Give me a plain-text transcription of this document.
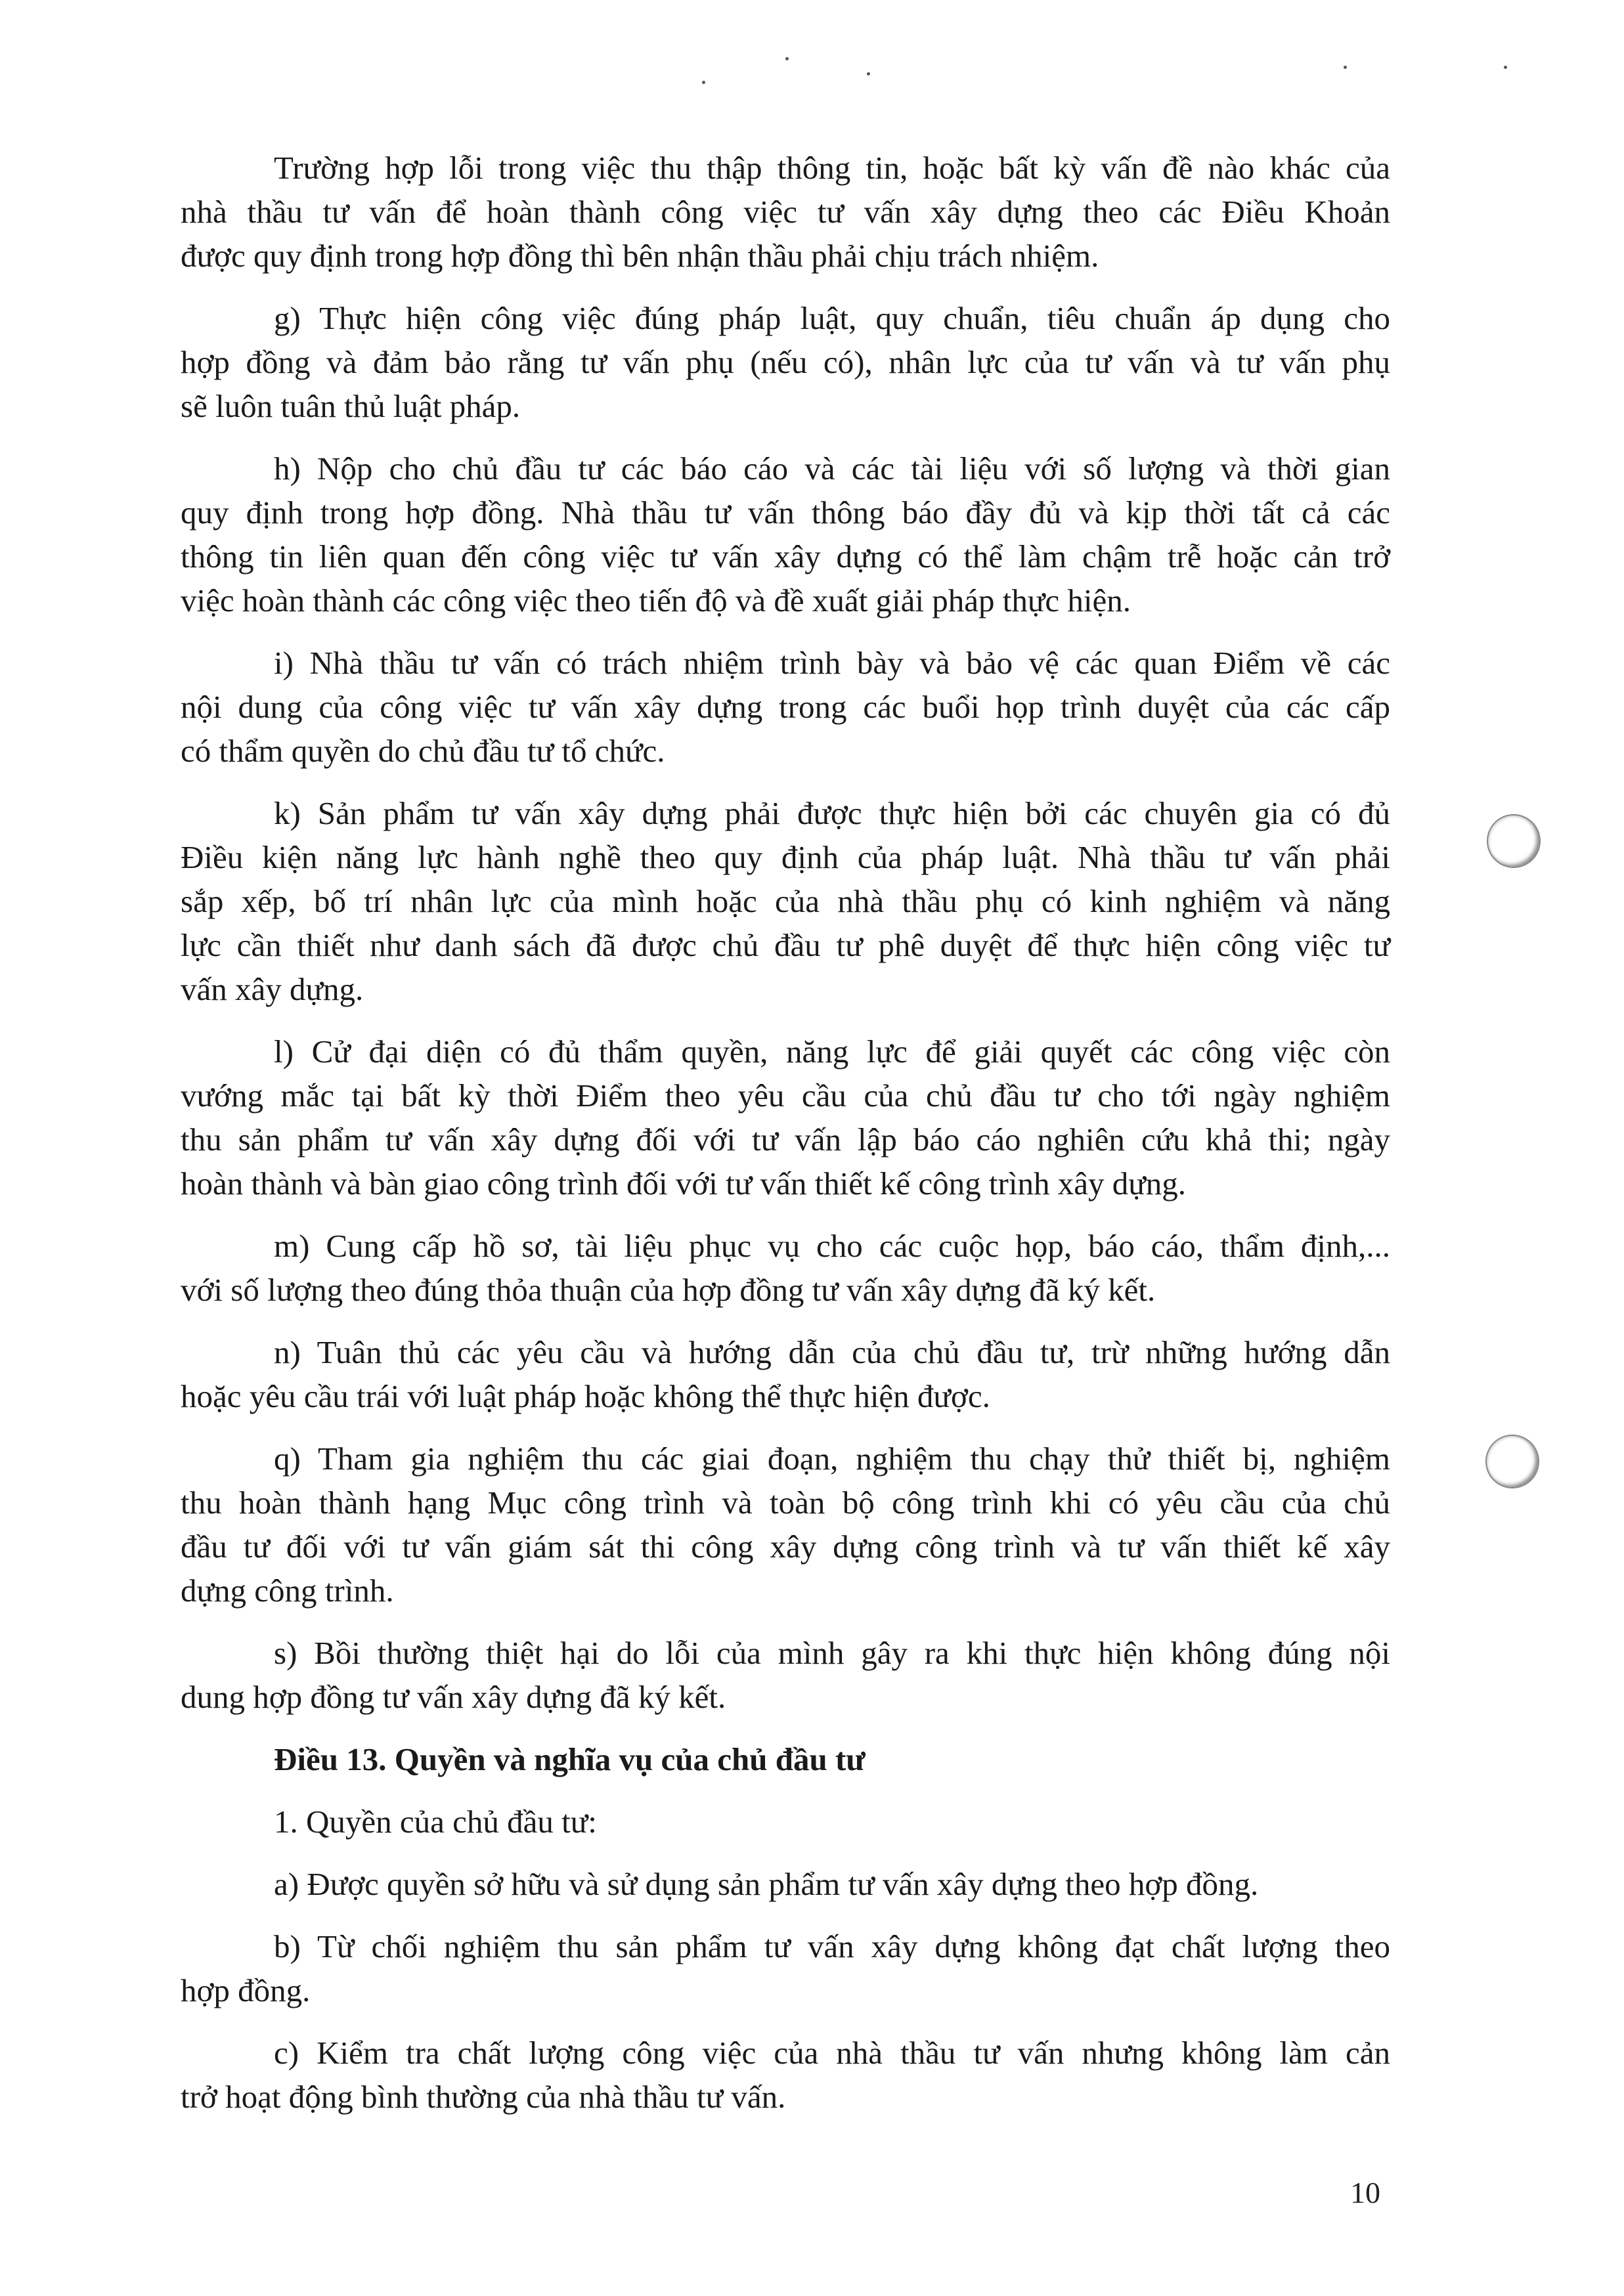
Trường hợp lỗi trong việc thu thập thông tin, hoặc bất kỳ vấn đề nào khác của
nhà thầu tư vấn để hoàn thành công việc tư vấn xây dựng theo các Điều Khoản
được quy định trong hợp đồng thì bên nhận thầu phải chịu trách nhiệm.
g) Thực hiện công việc đúng pháp luật, quy chuẩn, tiêu chuẩn áp dụng cho
hợp đồng và đảm bảo rằng tư vấn phụ (nếu có), nhân lực của tư vấn và tư vấn phụ
sẽ luôn tuân thủ luật pháp.
h) Nộp cho chủ đầu tư các báo cáo và các tài liệu với số lượng và thời gian
quy định trong hợp đồng. Nhà thầu tư vấn thông báo đầy đủ và kịp thời tất cả các
thông tin liên quan đến công việc tư vấn xây dựng có thể làm chậm trễ hoặc cản trở
việc hoàn thành các công việc theo tiến độ và đề xuất giải pháp thực hiện.
i) Nhà thầu tư vấn có trách nhiệm trình bày và bảo vệ các quan Điểm về các
nội dung của công việc tư vấn xây dựng trong các buổi họp trình duyệt của các cấp
có thẩm quyền do chủ đầu tư tổ chức.
k) Sản phẩm tư vấn xây dựng phải được thực hiện bởi các chuyên gia có đủ
Điều kiện năng lực hành nghề theo quy định của pháp luật. Nhà thầu tư vấn phải
sắp xếp, bố trí nhân lực của mình hoặc của nhà thầu phụ có kinh nghiệm và năng
lực cần thiết như danh sách đã được chủ đầu tư phê duyệt để thực hiện công việc tư
vấn xây dựng.
l) Cử đại diện có đủ thẩm quyền, năng lực để giải quyết các công việc còn
vướng mắc tại bất kỳ thời Điểm theo yêu cầu của chủ đầu tư cho tới ngày nghiệm
thu sản phẩm tư vấn xây dựng đối với tư vấn lập báo cáo nghiên cứu khả thi; ngày
hoàn thành và bàn giao công trình đối với tư vấn thiết kế công trình xây dựng.
m) Cung cấp hồ sơ, tài liệu phục vụ cho các cuộc họp, báo cáo, thẩm định,...
với số lượng theo đúng thỏa thuận của hợp đồng tư vấn xây dựng đã ký kết.
n) Tuân thủ các yêu cầu và hướng dẫn của chủ đầu tư, trừ những hướng dẫn
hoặc yêu cầu trái với luật pháp hoặc không thể thực hiện được.
q) Tham gia nghiệm thu các giai đoạn, nghiệm thu chạy thử thiết bị, nghiệm
thu hoàn thành hạng Mục công trình và toàn bộ công trình khi có yêu cầu của chủ
đầu tư đối với tư vấn giám sát thi công xây dựng công trình và tư vấn thiết kế xây
dựng công trình.
s) Bồi thường thiệt hại do lỗi của mình gây ra khi thực hiện không đúng nội
dung hợp đồng tư vấn xây dựng đã ký kết.
Điều 13. Quyền và nghĩa vụ của chủ đầu tư
1. Quyền của chủ đầu tư:
a) Được quyền sở hữu và sử dụng sản phẩm tư vấn xây dựng theo hợp đồng.
b) Từ chối nghiệm thu sản phẩm tư vấn xây dựng không đạt chất lượng theo
hợp đồng.
c) Kiểm tra chất lượng công việc của nhà thầu tư vấn nhưng không làm cản
trở hoạt động bình thường của nhà thầu tư vấn.
10
